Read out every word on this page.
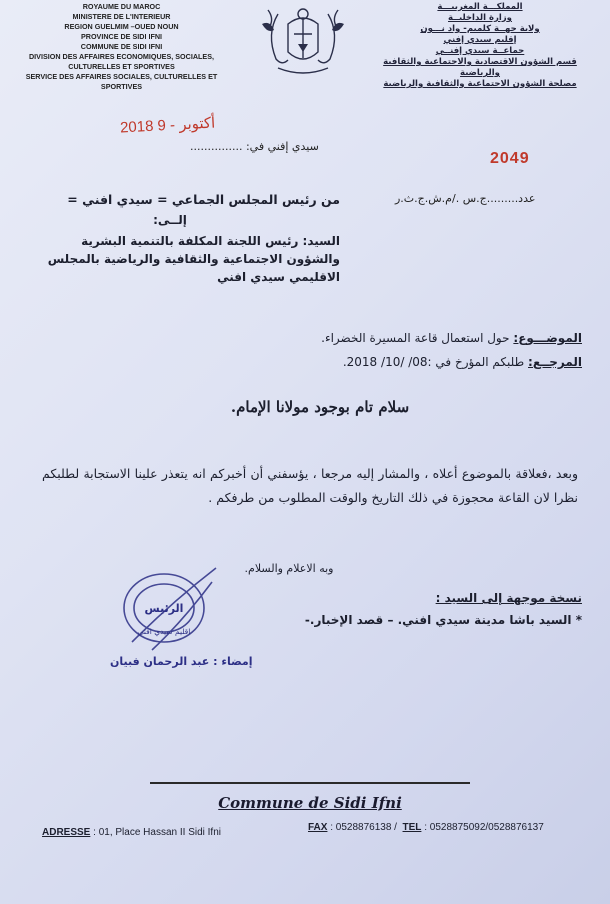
ROYAUME DU MAROC
MINISTERE DE L'INTERIEUR
REGION GUELMIM –OUED NOUN
PROVINCE DE SIDI IFNI
COMMUNE DE SIDI IFNI
DIVISION DES AFFAIRES ECONOMIQUES, SOCIALES,
CULTURELLES ET SPORTIVES
SERVICE DES AFFAIRES SOCIALES, CULTURELLES ET
SPORTIVES
المملكـــة المغربيـــة
وزارة الداخليــة
ولاية جهــة كلميم- واد نـــون
إقليم سيدي إفني
جماعــة سيدي إفنــي
قسم الشؤون الاقتصادية والاجتماعية والثقافية
والرياضية
مصلحة الشؤون الاجتماعية والثقافية والرياضية
2018 9 - أكتوبر
سيدي إفني في: ...............
2049
عدد.........ج.س ./م.ش.ج.ث.ر
من رئيس المجلس الجماعي = سيدي افني =
إلــى:
السيد: رئيس اللجنة المكلفة بالتنمية البشرية والشؤون الاجتماعية والثقافية والرياضية بالمجلس الاقليمي سيدي افني
الموضـــوع: حول استعمال قاعة المسيرة الخضراء.
المرجــع: طلبكم المؤرخ في :08/ /10/ 2018.
سلام تام بوجود مولانا الإمام.
وبعد ،فعلاقة بالموضوع أعلاه ، والمشار إليه مرجعا ، يؤسفني أن أخبركم انه يتعذر علينا الاستجابة لطلبكم نظرا لان القاعة محجوزة في ذلك التاريخ والوقت المطلوب من طرفكم .
وبه الاعلام والسلام.
نسخة موجهة إلى السيد :
* السيد باشا مدينة سيدي افني. – قصد الإخبار.-
الرئيس
اقليم سيدي افني
إمضاء : عبد الرحمان فبيان
Commune de Sidi Ifni
ADRESSE : 01, Place Hassan II Sidi Ifni	FAX : 0528876138 / TEL : 0528875092/0528876137
